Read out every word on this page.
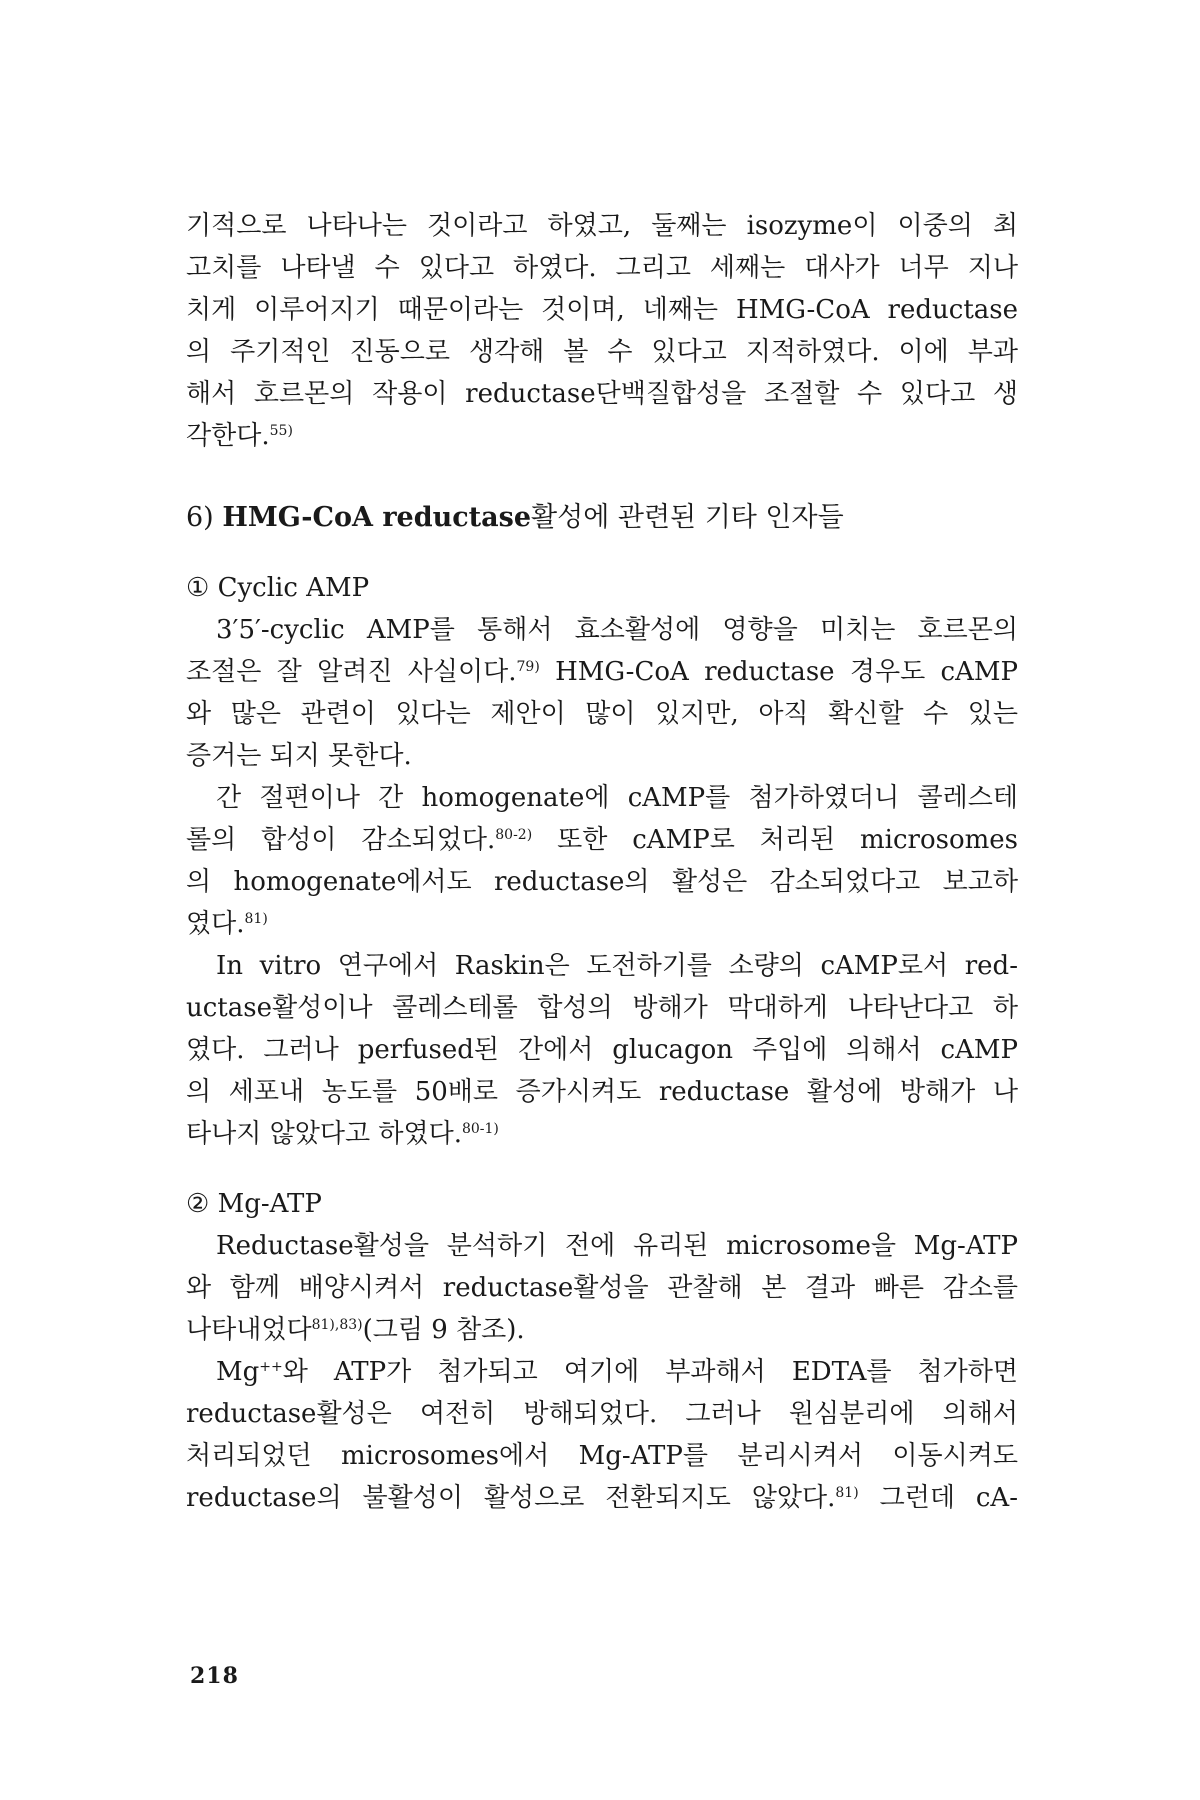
기적으로 나타나는 것이라고 하였고, 둘째는 isozyme이 이중의 최

고치를 나타낼 수 있다고 하였다. 그리고 세째는 대사가 너무 지나

치게 이루어지기 때문이라는 것이며, 네째는 HMG-CoA reductase

의 주기적인 진동으로 생각해 볼 수 있다고 지적하였다. 이에 부과

해서 호르몬의 작용이 reductase단백질합성을 조절할 수 있다고 생

각한다.$^{55)}$

6) HMG-CoA reductase활성에 관련된 기타 인자들

① Cyclic AMP

3′5′-cyclic AMP를 통해서 효소활성에 영향을 미치는 호르몬의

조절은 잘 알려진 사실이다.$^{79)}$ HMG-CoA reductase 경우도 cAMP

와 많은 관련이 있다는 제안이 많이 있지만, 아직 확신할 수 있는

증거는 되지 못한다.

간 절편이나 간 homogenate에 cAMP를 첨가하였더니 콜레스테

롤의 합성이 감소되었다.$^{80-2)}$ 또한 cAMP로 처리된 microsomes

의 homogenate에서도 reductase의 활성은 감소되었다고 보고하

였다.$^{81)}$

In vitro 연구에서 Raskin은 도전하기를 소량의 cAMP로서 red-

uctase활성이나 콜레스테롤 합성의 방해가 막대하게 나타난다고 하

였다. 그러나 perfused된 간에서 glucagon 주입에 의해서 cAMP

의 세포내 농도를 50배로 증가시켜도 reductase 활성에 방해가 나

타나지 않았다고 하였다.$^{80-1)}$

② Mg-ATP

Reductase활성을 분석하기 전에 유리된 microsome을 Mg-ATP

와 함께 배양시켜서 reductase활성을 관찰해 본 결과 빠른 감소를

나타내었다$^{81),83)}$(그림 9 참조).

Mg++와 ATP가 첨가되고 여기에 부과해서 EDTA를 첨가하면

reductase활성은 여전히 방해되었다. 그러나 원심분리에 의해서

처리되었던 microsomes에서 Mg-ATP를 분리시켜서 이동시켜도

reductase의 불활성이 활성으로 전환되지도 않았다.$^{81)}$ 그런데 cA-

218
